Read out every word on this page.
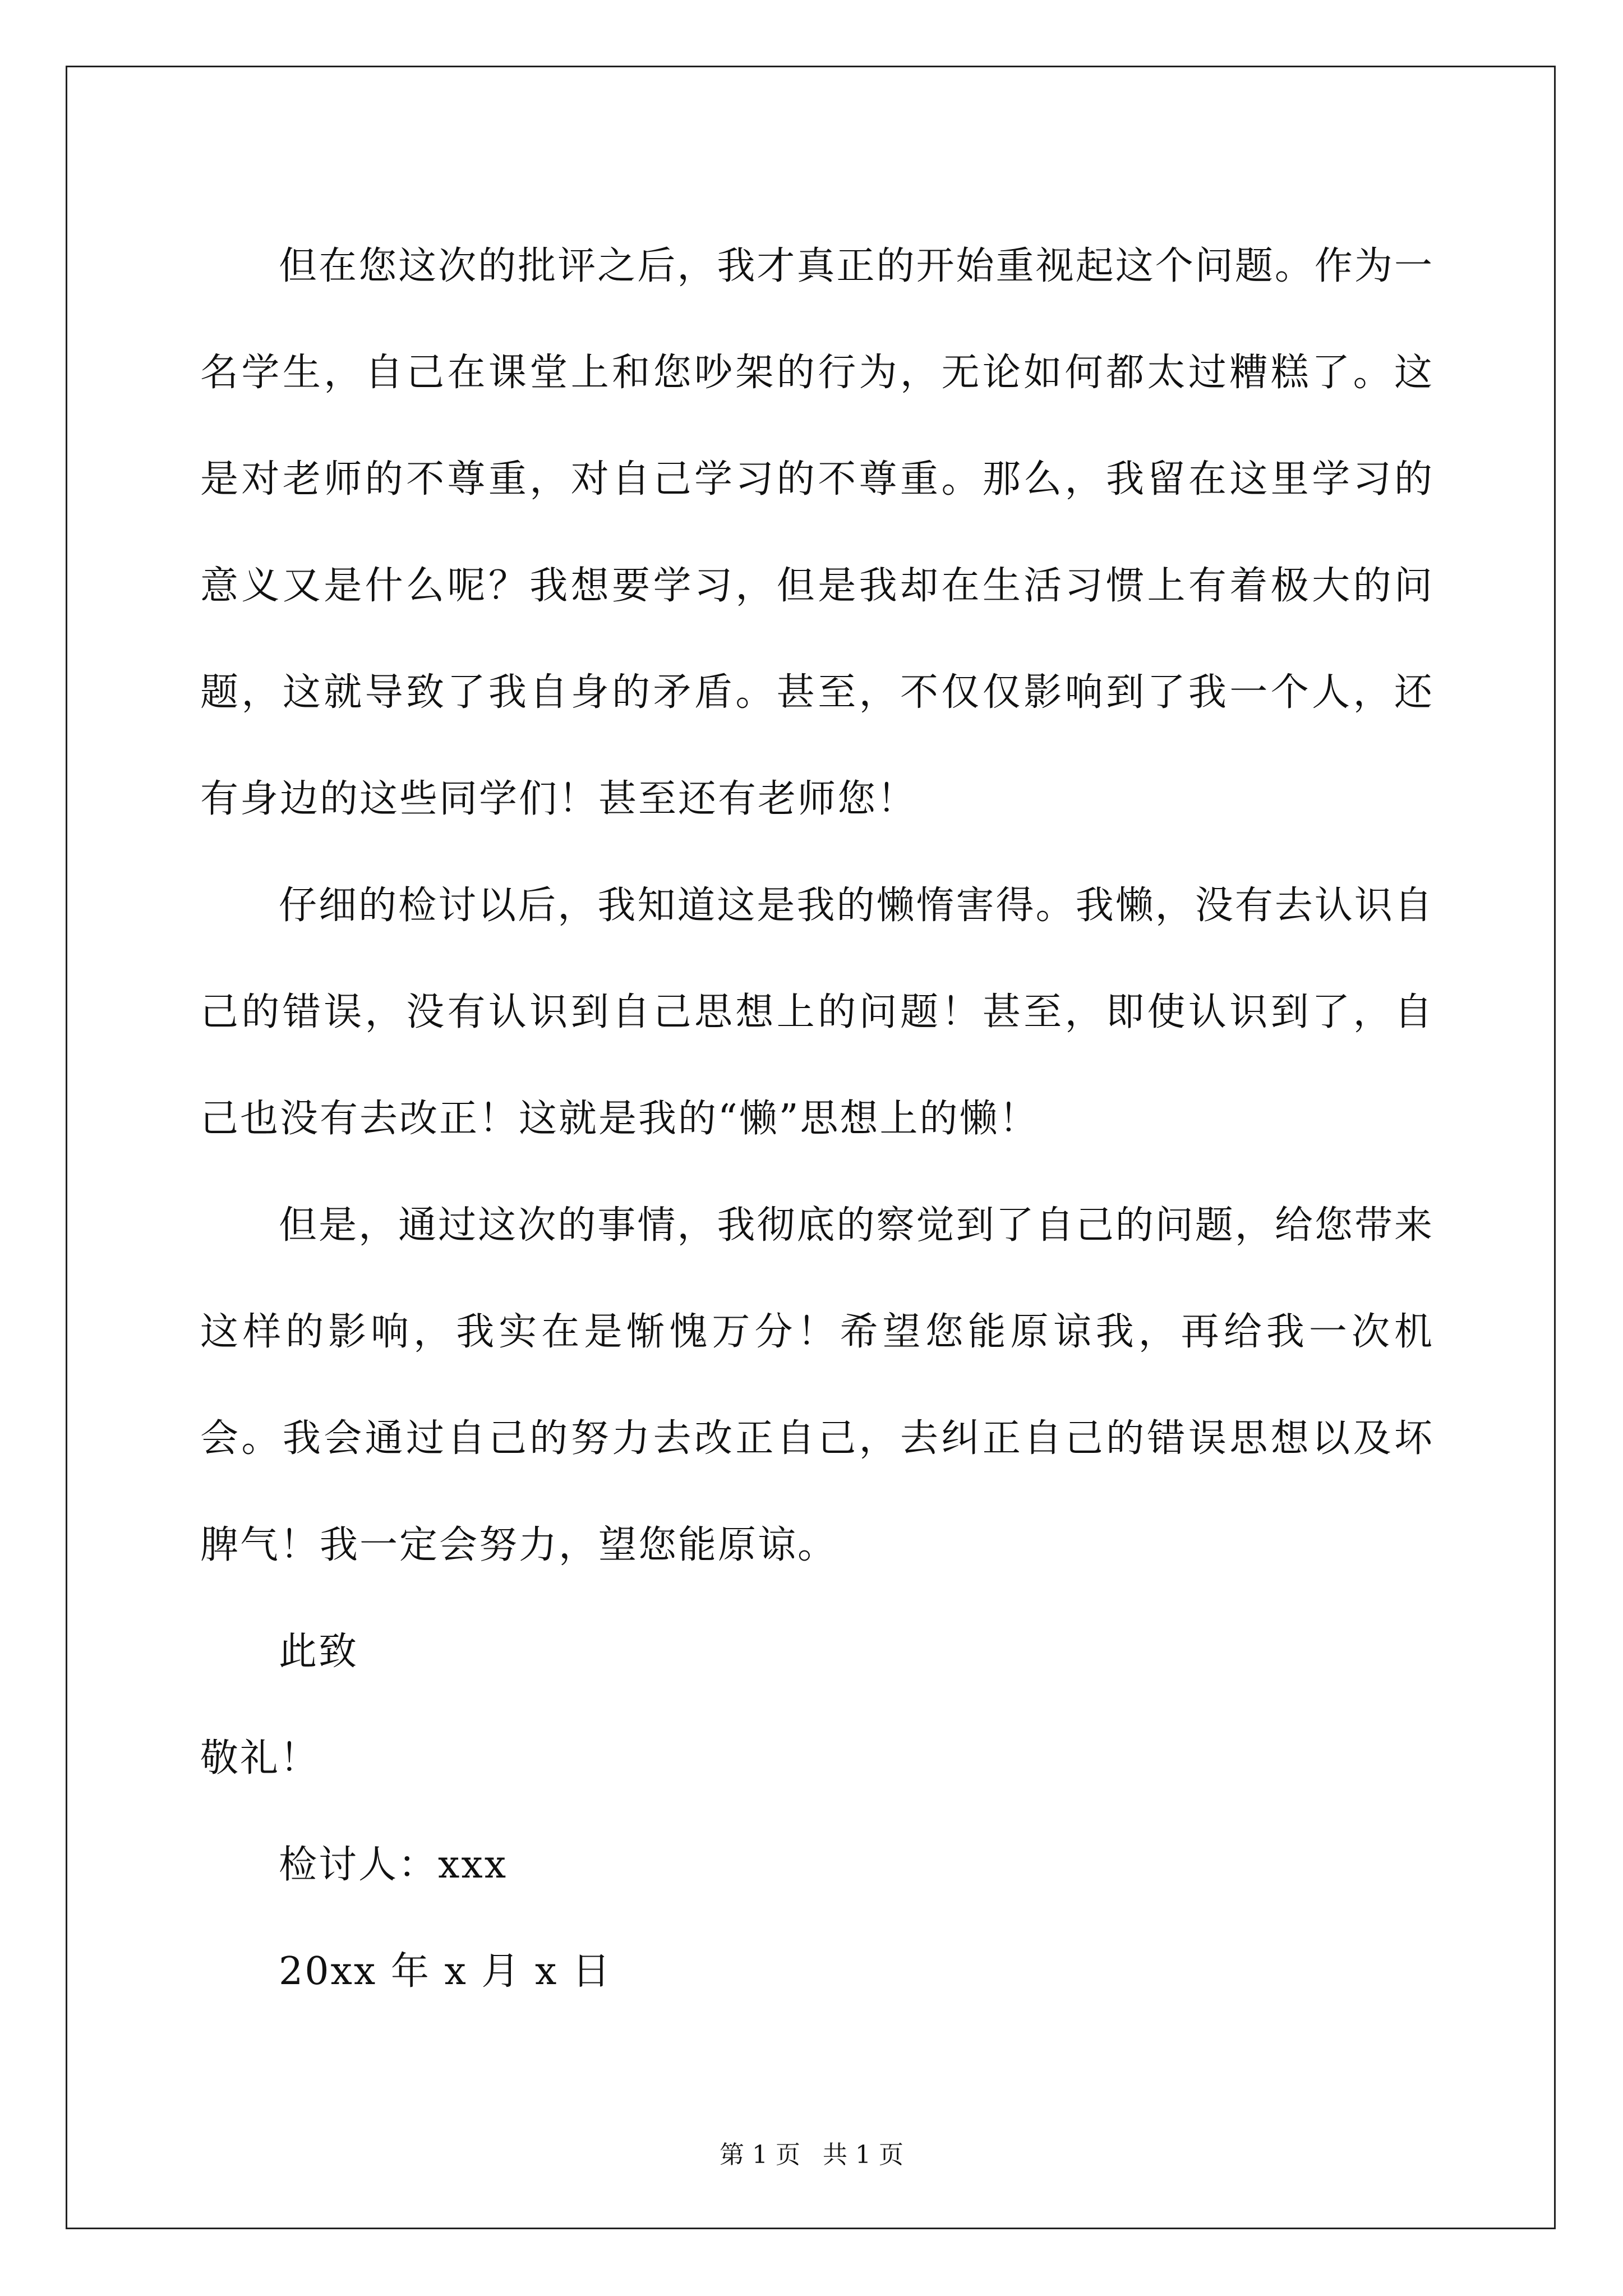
但在您这次的批评之后，我才真正的开始重视起这个问题。作为一名学生，自己在课堂上和您吵架的行为，无论如何都太过糟糕了。这是对老师的不尊重，对自己学习的不尊重。那么，我留在这里学习的意义又是什么呢？我想要学习，但是我却在生活习惯上有着极大的问题，这就导致了我自身的矛盾。甚至，不仅仅影响到了我一个人，还有身边的这些同学们！甚至还有老师您！

仔细的检讨以后，我知道这是我的懒惰害得。我懒，没有去认识自己的错误，没有认识到自己思想上的问题！甚至，即使认识到了，自己也没有去改正！这就是我的“懒”思想上的懒！

但是，通过这次的事情，我彻底的察觉到了自己的问题，给您带来这样的影响，我实在是惭愧万分！希望您能原谅我，再给我一次机会。我会通过自己的努力去改正自己，去纠正自己的错误思想以及坏脾气！我一定会努力，望您能原谅。

此致

敬礼！

检讨人：xxx

20xx 年 x 月 x 日

第 1 页 共 1 页
